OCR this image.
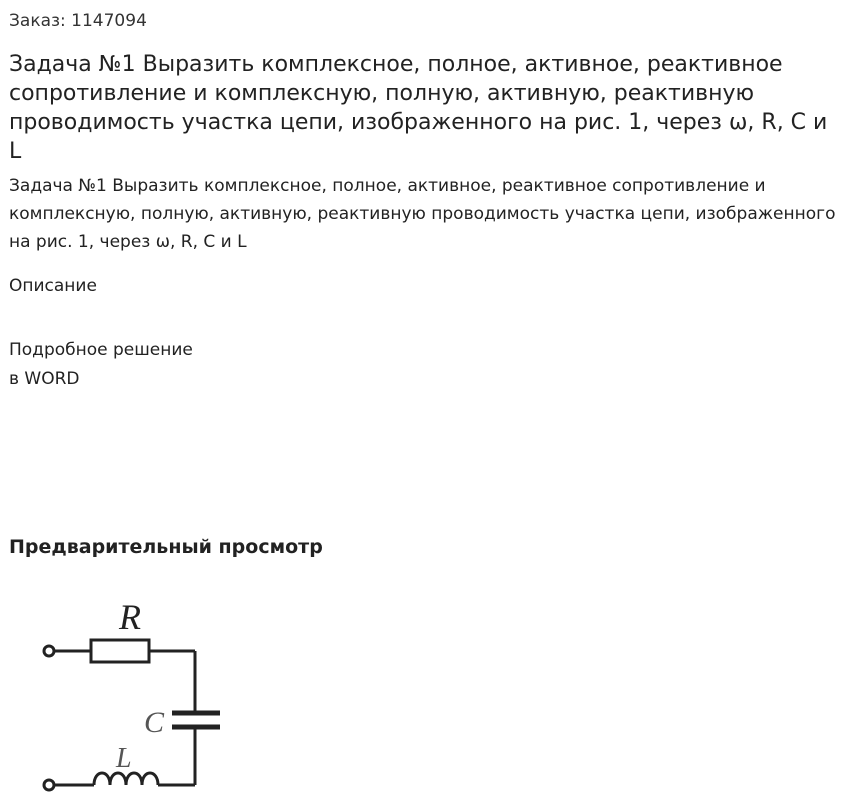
Заказ: 1147094
Задача №1 Выразить комплексное, полное, активное, реактивное сопротивление и комплексную, полную, активную, реактивную проводимость участка цепи, изображенного на рис. 1, через ω, R, C и L

Задача №1 Выразить комплексное, полное, активное, реактивное сопротивление и комплексную, полную, активную, реактивную проводимость участка цепи, изображенного на рис. 1, через ω, R, C и L

Описание
Подробное решение
в WORD
Предварительный просмотр
R
C
L
